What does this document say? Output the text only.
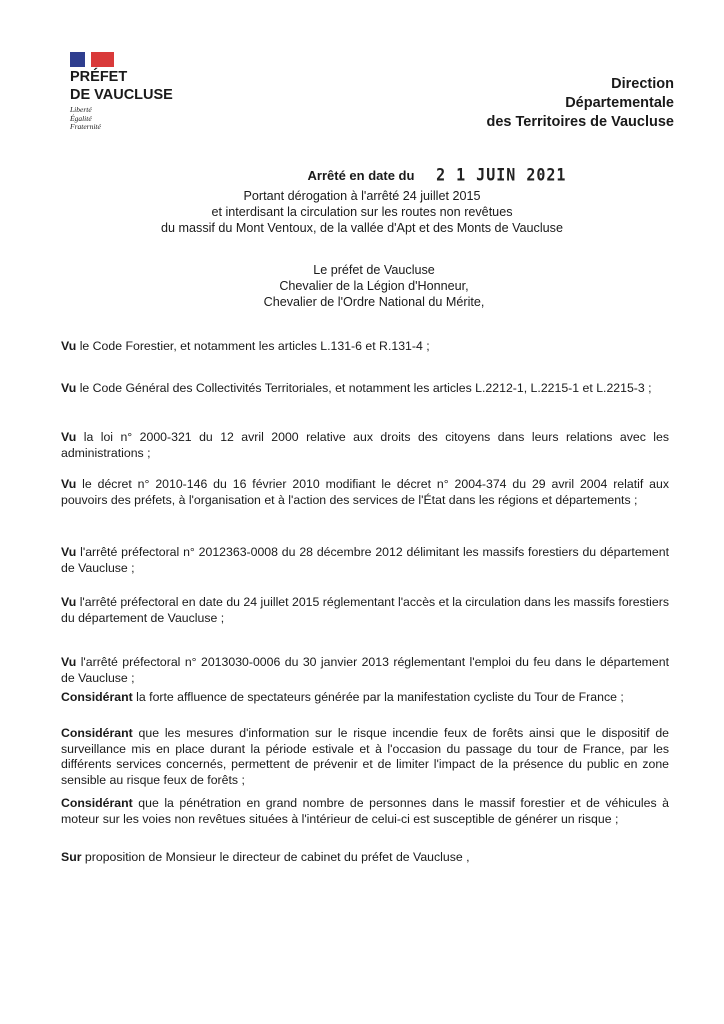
PRÉFET
DE VAUCLUSE
Liberté
Égalité
Fraternité
Direction
Départementale
des Territoires de Vaucluse
Arrêté en date du 2 1 JUIN 2021
Portant dérogation à l'arrêté 24 juillet 2015
et interdisant la circulation sur les routes non revêtues
du massif du Mont Ventoux, de la vallée d'Apt et des Monts de Vaucluse
Le préfet de Vaucluse
Chevalier de la Légion d'Honneur,
Chevalier de l'Ordre National du Mérite,

Vu le Code Forestier, et notamment les articles L.131-6 et R.131-4 ;

Vu le Code Général des Collectivités Territoriales, et notamment les articles L.2212-1, L.2215-1 et L.2215-3 ;

Vu la loi n° 2000-321 du 12 avril 2000 relative aux droits des citoyens dans leurs relations avec les administrations ;

Vu le décret n° 2010-146 du 16 février 2010 modifiant le décret n° 2004-374 du 29 avril 2004 relatif aux pouvoirs des préfets, à l'organisation et à l'action des services de l'État dans les régions et départements ;

Vu l'arrêté préfectoral n° 2012363-0008 du 28 décembre 2012 délimitant les massifs forestiers du département de Vaucluse ;

Vu l'arrêté préfectoral en date du 24 juillet 2015 réglementant l'accès et la circulation dans les massifs forestiers du département de Vaucluse ;

Vu l'arrêté préfectoral n° 2013030-0006 du 30 janvier 2013 réglementant l'emploi du feu dans le département de Vaucluse ;

Considérant la forte affluence de spectateurs générée par la manifestation cycliste du Tour de France ;

Considérant que les mesures d'information sur le risque incendie feux de forêts ainsi que le dispositif de surveillance mis en place durant la période estivale et à l'occasion du passage du tour de France, par les différents services concernés, permettent de prévenir et de limiter l'impact de la présence du public en zone sensible au risque feux de forêts ;

Considérant que la pénétration en grand nombre de personnes dans le massif forestier et de véhicules à moteur sur les voies non revêtues situées à l'intérieur de celui-ci est susceptible de générer un risque ;

Sur proposition de Monsieur le directeur de cabinet du préfet de Vaucluse ,
